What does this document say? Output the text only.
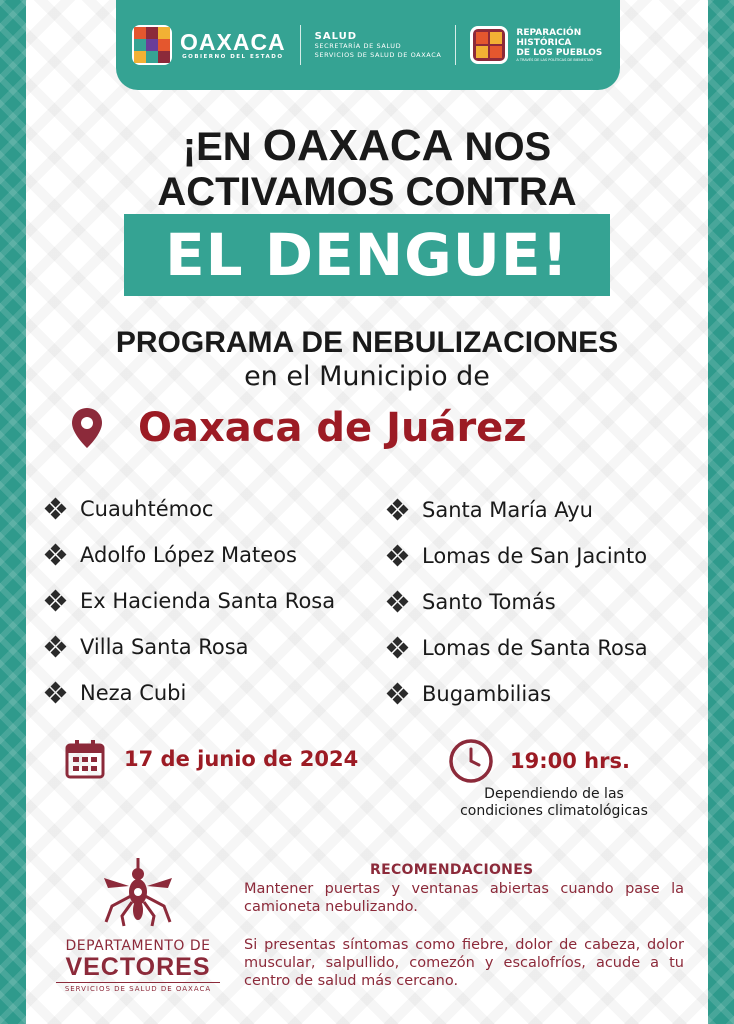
OAXACA
GOBIERNO DEL ESTADO
SALUD
SECRETARÍA DE SALUD
SERVICIOS DE SALUD DE OAXACA
REPARACIÓN
HISTÓRICA
DE LOS PUEBLOS
A TRAVÉS DE LAS POLÍTICAS DE BIENESTAR
¡EN OAXACA NOS
ACTIVAMOS CONTRA
EL DENGUE!
PROGRAMA DE NEBULIZACIONES
en el Municipio de
Oaxaca de Juárez
Cuauhtémoc
Adolfo López Mateos
Ex Hacienda Santa Rosa
Villa Santa Rosa
Neza Cubi
Santa María Ayu
Lomas de San Jacinto
Santo Tomás
Lomas de Santa Rosa
Bugambilias
17 de junio de 2024	19:00 hrs.
Dependiendo de las
condiciones climatológicas
DEPARTAMENTO DE
VECTORES
SERVICIOS DE SALUD DE OAXACA
RECOMENDACIONES
Mantener puertas y ventanas abiertas cuando pase la camioneta nebulizando.
Si presentas síntomas como fiebre, dolor de cabeza, dolor muscular, salpullido, comezón y escalofríos, acude a tu centro de salud más cercano.
